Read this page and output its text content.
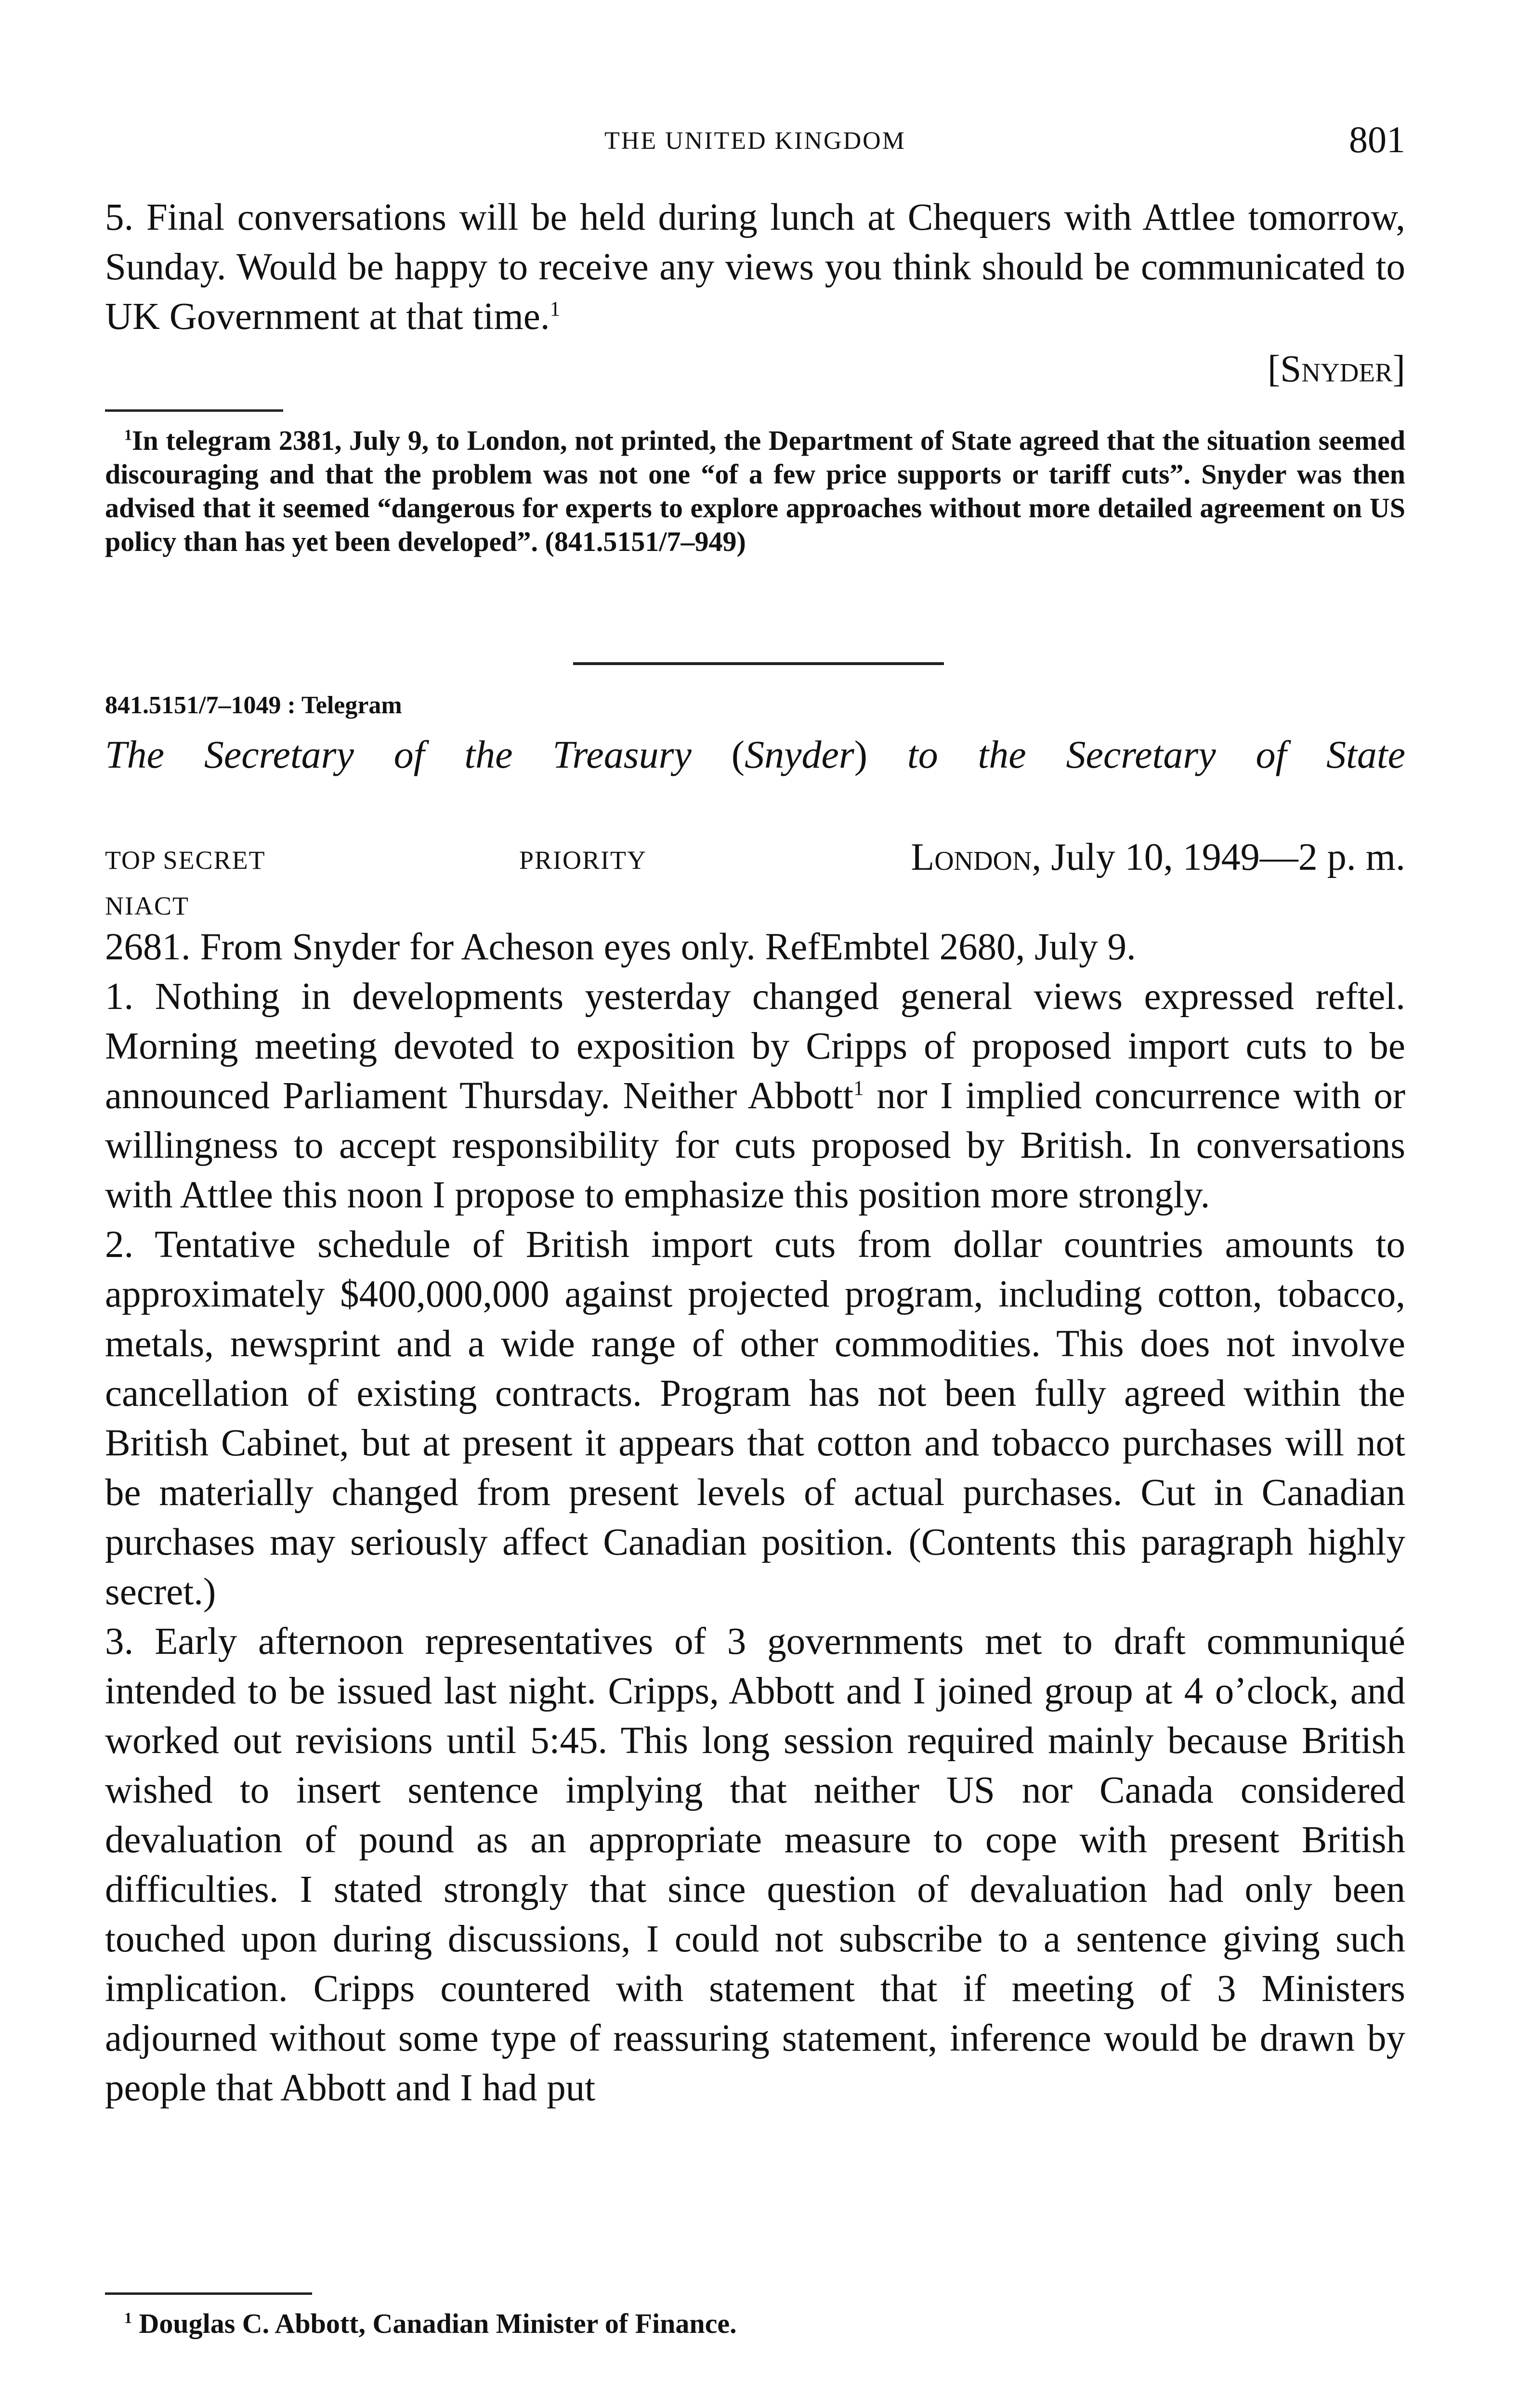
THE UNITED KINGDOM	801

5. Final conversations will be held during lunch at Chequers with Attlee tomorrow, Sunday. Would be happy to receive any views you think should be communicated to UK Government at that time.$^1$

[Snyder]
$^1$In telegram 2381, July 9, to London, not printed, the Department of State agreed that the situation seemed discouraging and that the problem was not one “of a few price supports or tariff cuts”. Snyder was then advised that it seemed “dangerous for experts to explore approaches without more detailed agreement on US policy than has yet been developed”. (841.5151/7–949)
841.5151/7–1049 : Telegram
The Secretary of the Treasury (Snyder) to the Secretary of State
TOP SECRET	PRIORITY	London, July 10, 1949—2 p. m.
NIACT

2681. From Snyder for Acheson eyes only. RefEmbtel 2680, July 9.

1. Nothing in developments yesterday changed general views expressed reftel. Morning meeting devoted to exposition by Cripps of proposed import cuts to be announced Parliament Thursday. Neither Abbott$^1$ nor I implied concurrence with or willingness to accept responsibility for cuts proposed by British. In conversations with Attlee this noon I propose to emphasize this position more strongly.

2. Tentative schedule of British import cuts from dollar countries amounts to approximately $400,000,000 against projected program, including cotton, tobacco, metals, newsprint and a wide range of other commodities. This does not involve cancellation of existing contracts. Program has not been fully agreed within the British Cabinet, but at present it appears that cotton and tobacco purchases will not be materially changed from present levels of actual purchases. Cut in Canadian purchases may seriously affect Canadian position. (Contents this paragraph highly secret.)

3. Early afternoon representatives of 3 governments met to draft communiqué intended to be issued last night. Cripps, Abbott and I joined group at 4 o’clock, and worked out revisions until 5:45. This long session required mainly because British wished to insert sentence implying that neither US nor Canada considered devaluation of pound as an appropriate measure to cope with present British difficulties. I stated strongly that since question of devaluation had only been touched upon during discussions, I could not subscribe to a sentence giving such implication. Cripps countered with statement that if meeting of 3 Ministers adjourned without some type of reassuring statement, inference would be drawn by people that Abbott and I had put

$^1$ Douglas C. Abbott, Canadian Minister of Finance.
